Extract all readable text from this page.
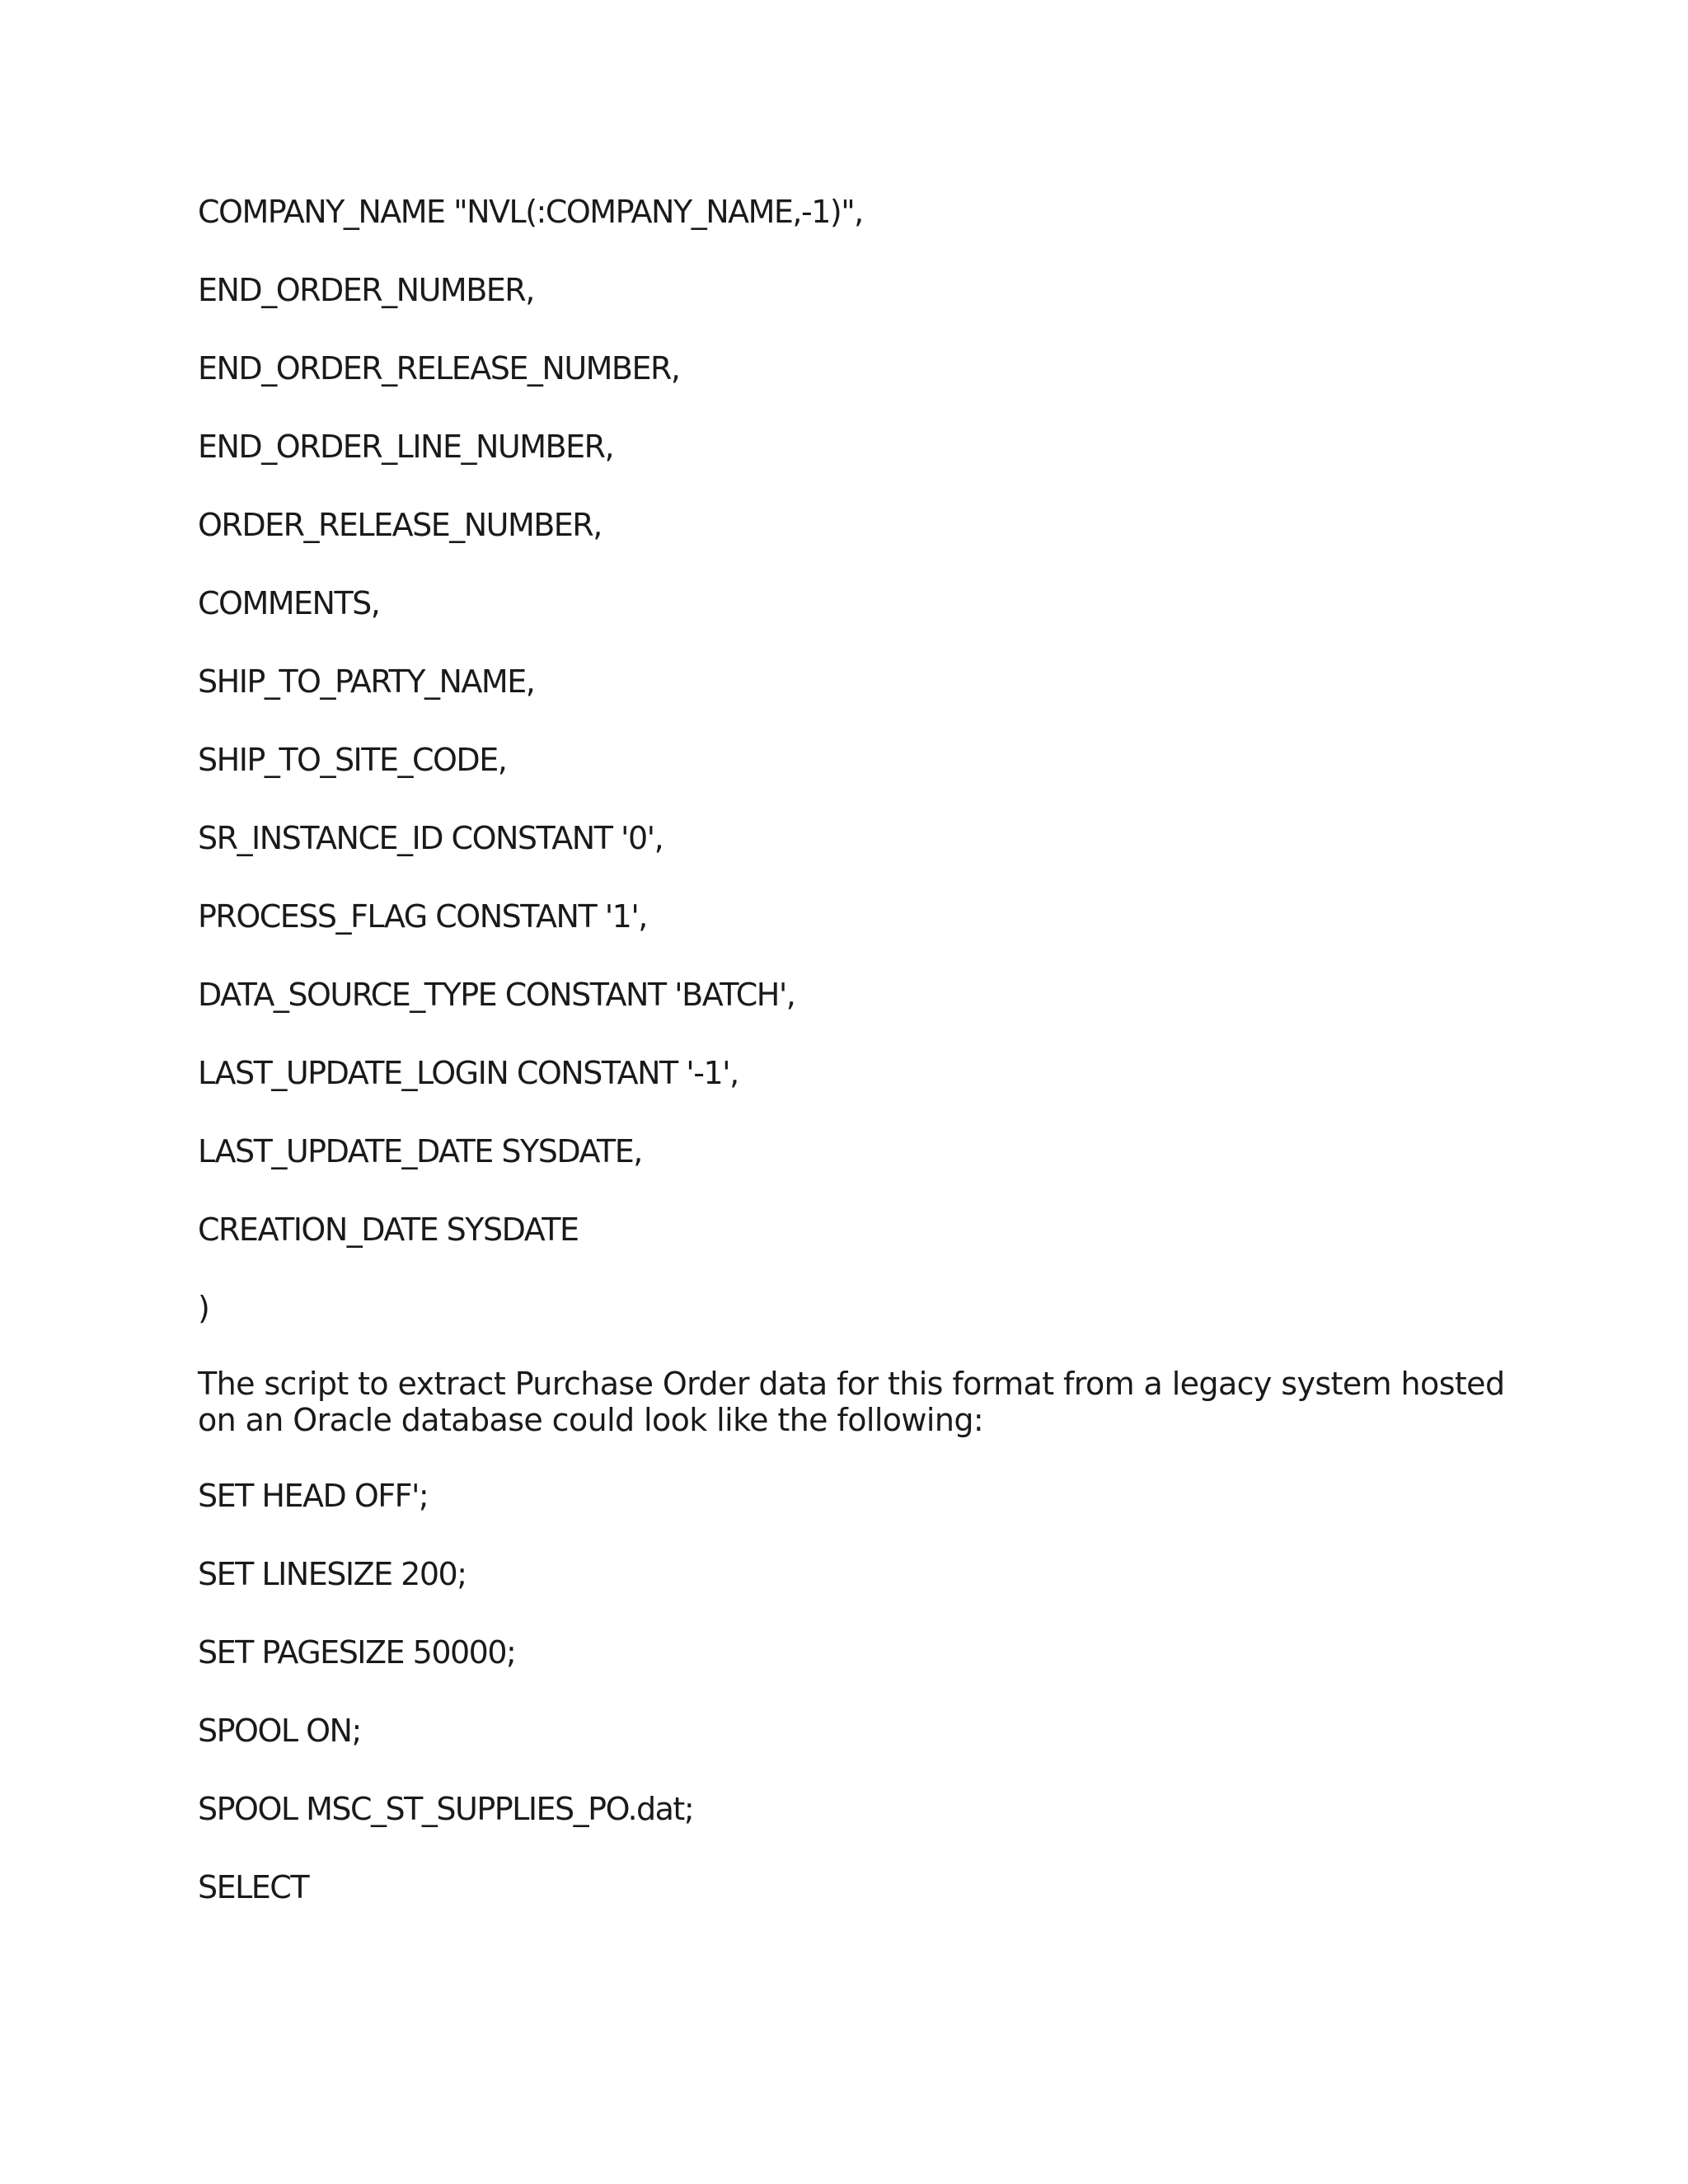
COMPANY_NAME "NVL(:COMPANY_NAME,-1)",
END_ORDER_NUMBER,
END_ORDER_RELEASE_NUMBER,
END_ORDER_LINE_NUMBER,
ORDER_RELEASE_NUMBER,
COMMENTS,
SHIP_TO_PARTY_NAME,
SHIP_TO_SITE_CODE,
SR_INSTANCE_ID CONSTANT '0',
PROCESS_FLAG CONSTANT '1',
DATA_SOURCE_TYPE CONSTANT 'BATCH',
LAST_UPDATE_LOGIN CONSTANT '-1',
LAST_UPDATE_DATE SYSDATE,
CREATION_DATE SYSDATE
)
The script to extract Purchase Order data for this format from a legacy system hosted
on an Oracle database could look like the following:
SET HEAD OFF';
SET LINESIZE 200;
SET PAGESIZE 50000;
SPOOL ON;
SPOOL MSC_ST_SUPPLIES_PO.dat;
SELECT
